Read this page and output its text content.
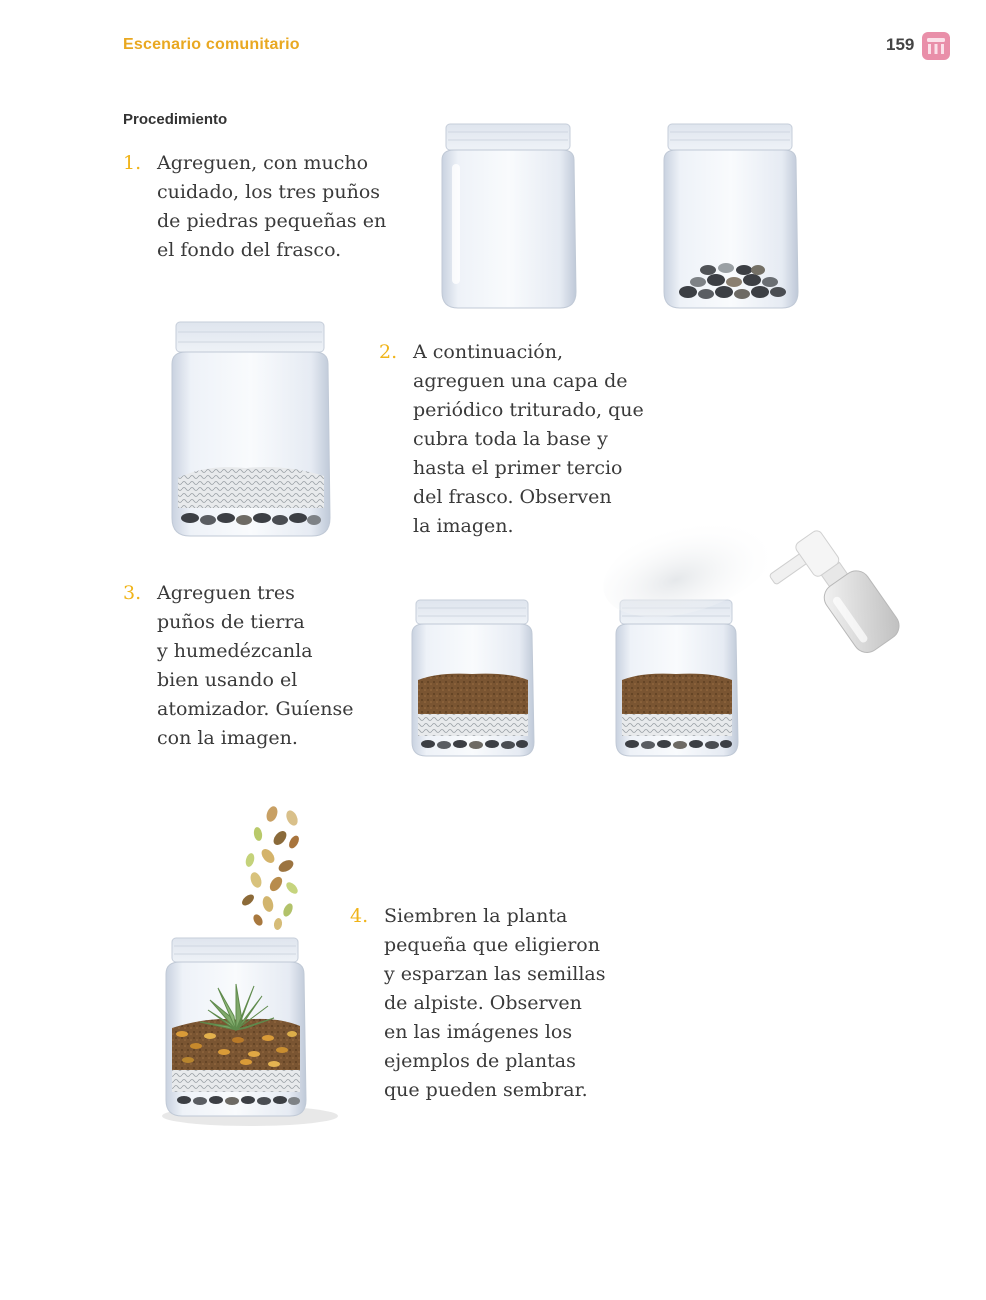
Escenario comunitario	159
Procedimiento
1. Agreguen, con mucho
cuidado, los tres puños
de piedras pequeñas en
el fondo del frasco.
2. A continuación,
agreguen una capa de
periódico triturado, que
cubra toda la base y
hasta el primer tercio
del frasco. Observen
la imagen.
3. Agreguen tres
puños de tierra
y humedézcanla
bien usando el
atomizador. Guíense
con la imagen.
4. Siembren la planta
pequeña que eligieron
y esparzan las semillas
de alpiste. Observen
en las imágenes los
ejemplos de plantas
que pueden sembrar.
